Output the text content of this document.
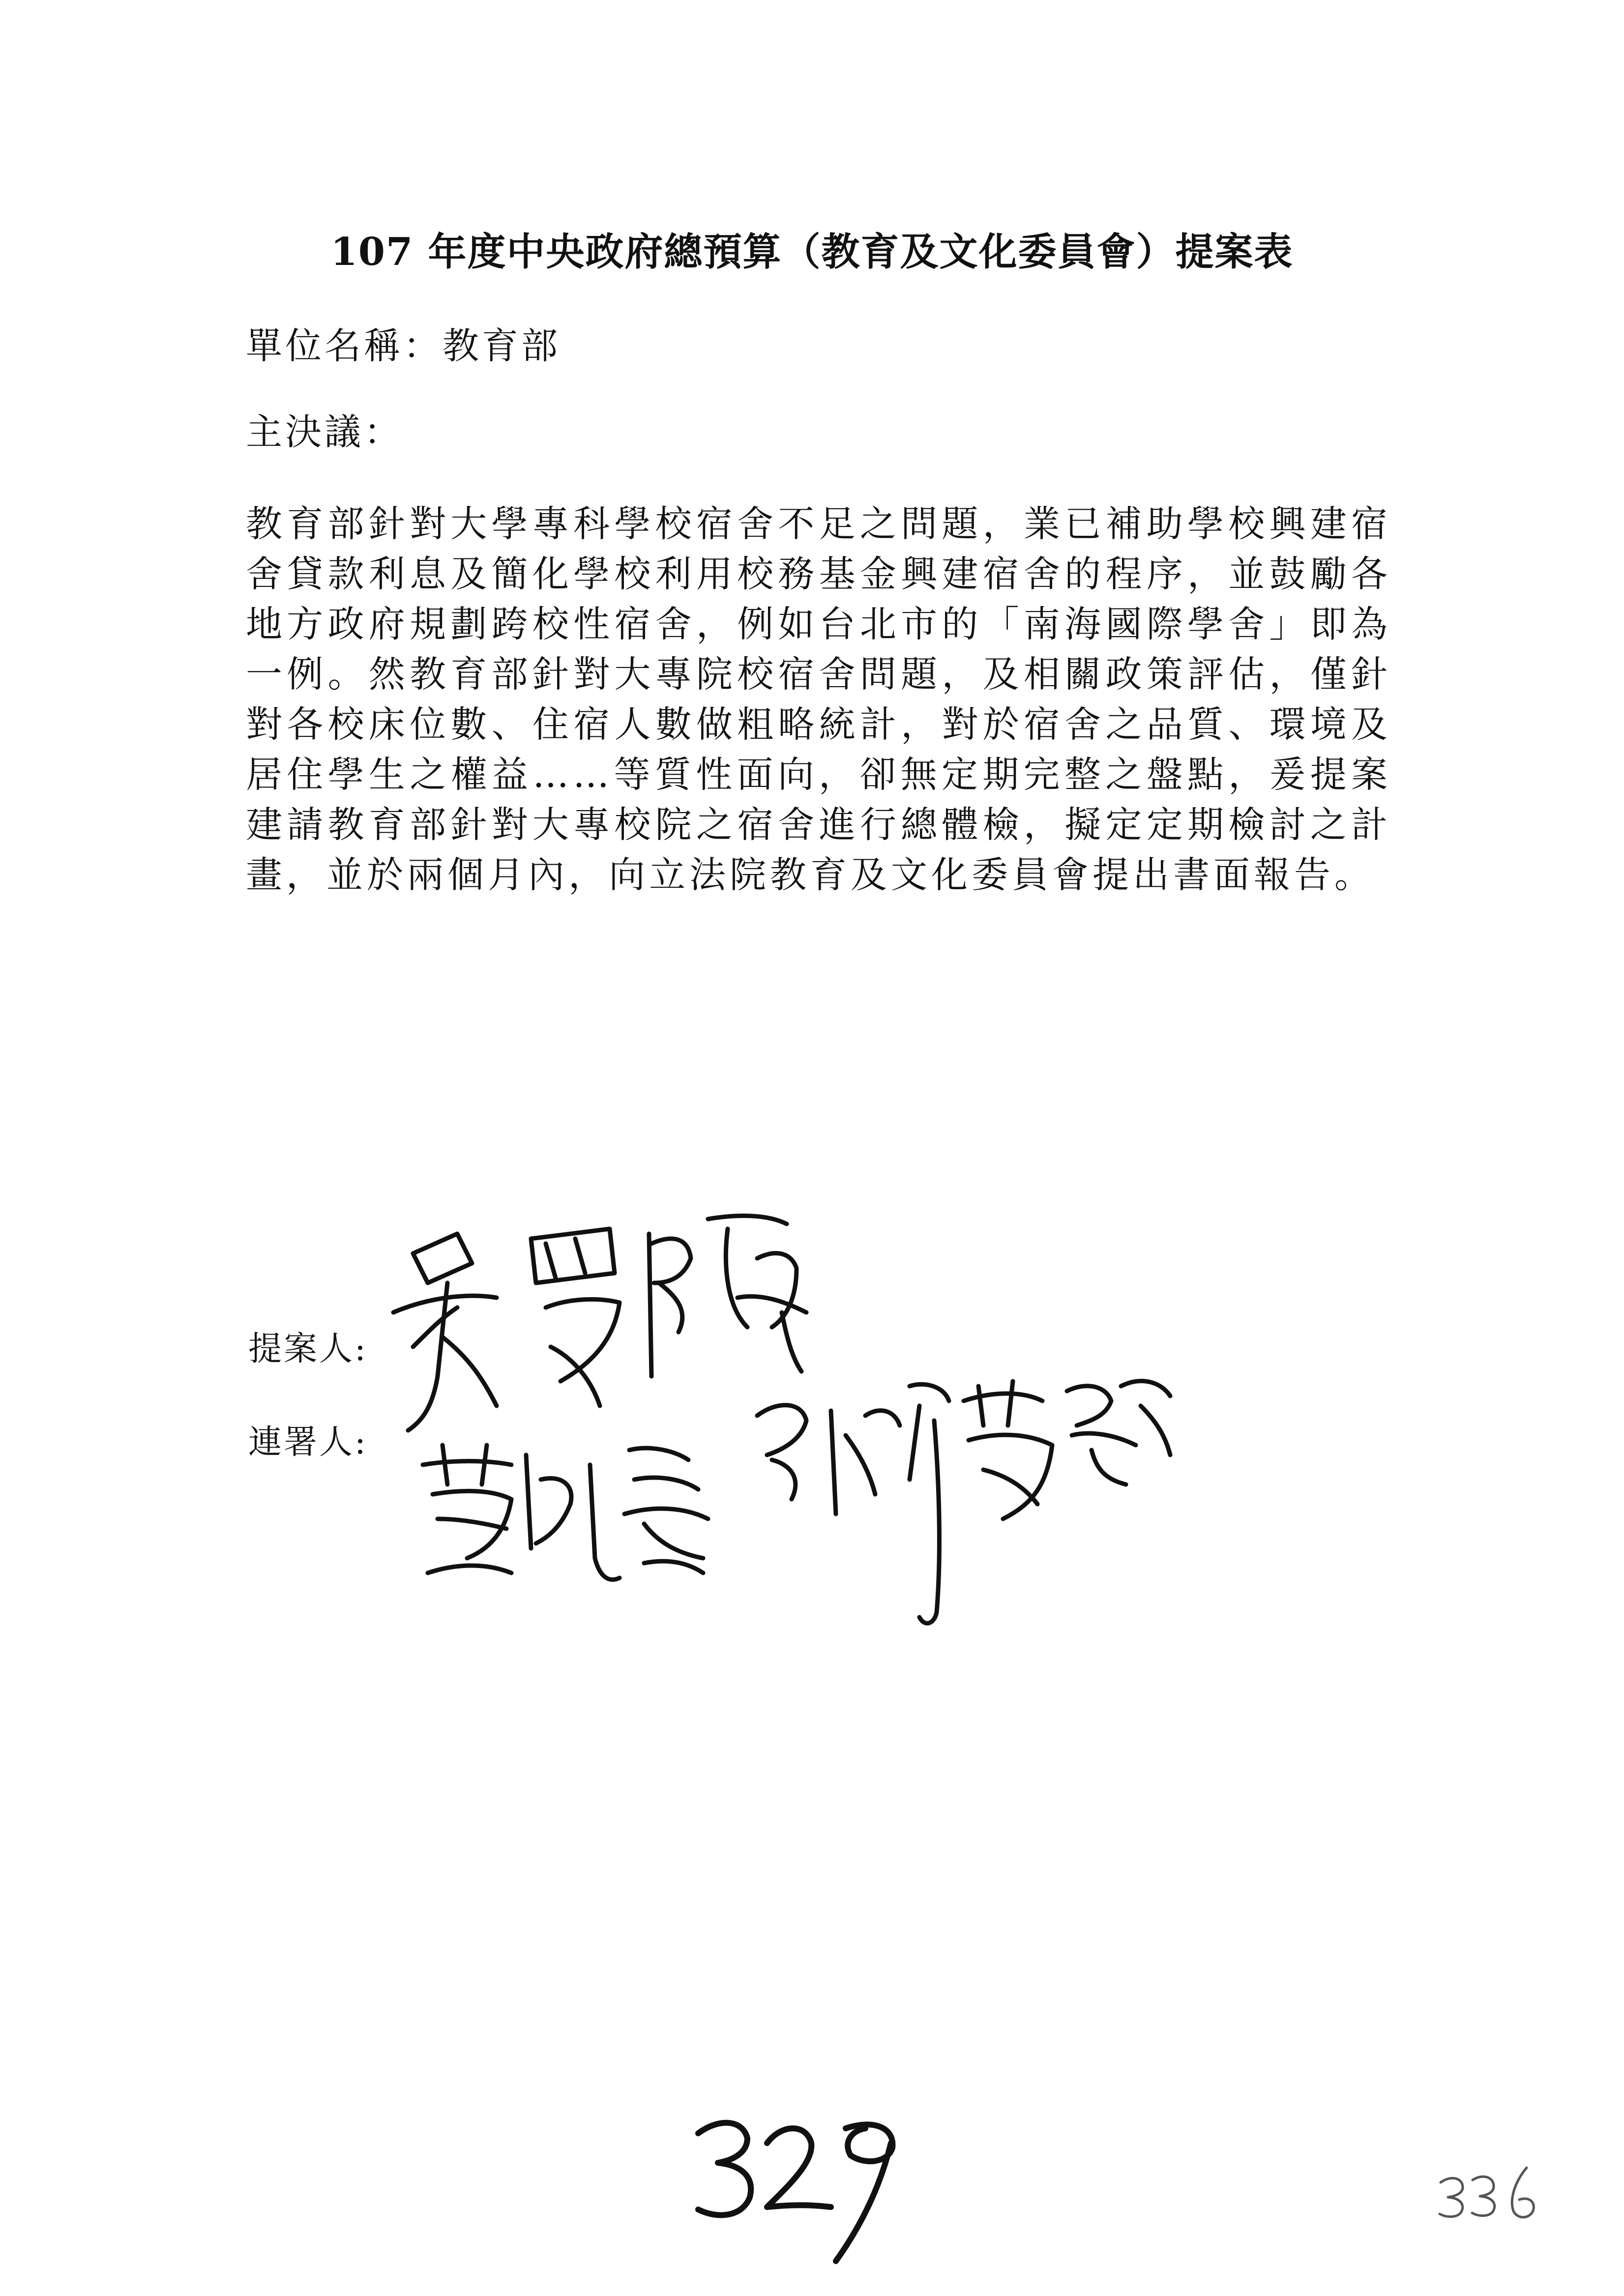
107 年度中央政府總預算（教育及文化委員會）提案表
單位名稱：教育部
主決議：
教育部針對大學專科學校宿舍不足之問題，業已補助學校興建宿舍貸款利息及簡化學校利用校務基金興建宿舍的程序，並鼓勵各地方政府規劃跨校性宿舍，例如台北市的「南海國際學舍」即為一例。然教育部針對大專院校宿舍問題，及相關政策評估，僅針對各校床位數、住宿人數做粗略統計，對於宿舍之品質、環境及居住學生之權益……等質性面向，卻無定期完整之盤點，爰提案建請教育部針對大專校院之宿舍進行總體檢，擬定定期檢討之計畫，並於兩個月內，向立法院教育及文化委員會提出書面報告。
提案人:
連署人:
